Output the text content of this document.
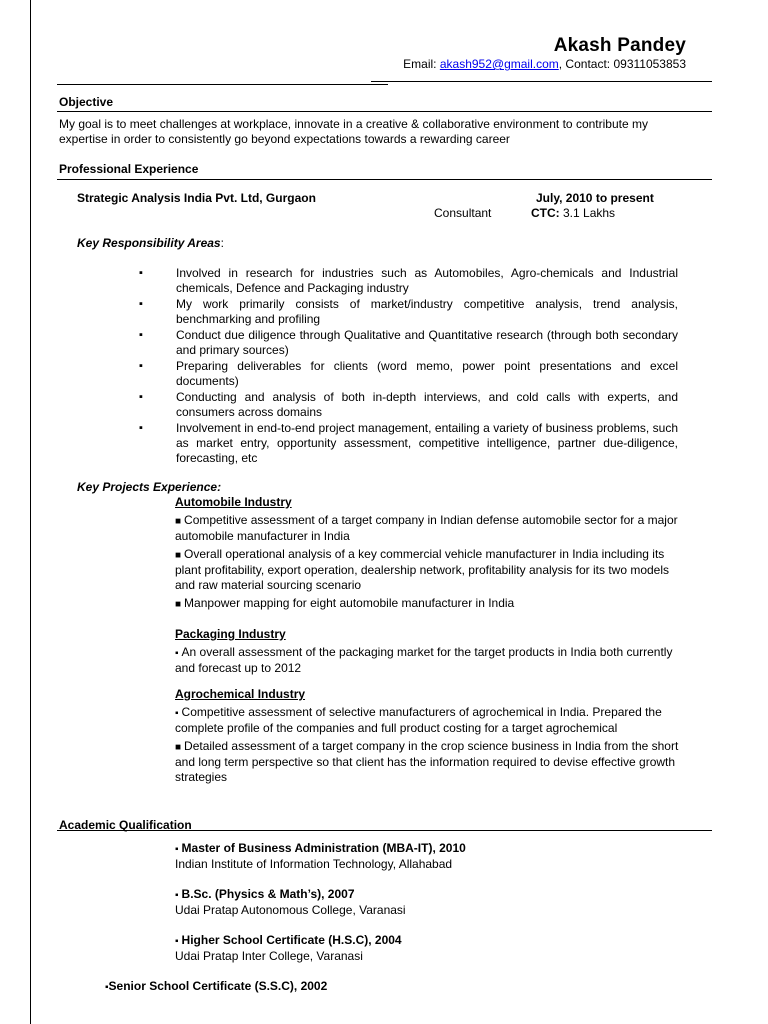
Akash Pandey
Email: akash952@gmail.com, Contact: 09311053853
Objective
My goal is to meet challenges at workplace, innovate in a creative & collaborative environment to contribute my expertise in order to consistently go beyond expectations towards a rewarding career
Professional Experience
Strategic Analysis India Pvt. Ltd, Gurgaon	July, 2010 to present
Consultant	CTC: 3.1 Lakhs
Key Responsibility Areas:
▪ Involved in research for industries such as Automobiles, Agro-chemicals and Industrial chemicals, Defence and Packaging industry
▪ My work primarily consists of market/industry competitive analysis, trend analysis, benchmarking and profiling
▪ Conduct due diligence through Qualitative and Quantitative research (through both secondary and primary sources)
▪ Preparing deliverables for clients (word memo, power point presentations and excel documents)
▪ Conducting and analysis of both in-depth interviews, and cold calls with experts, and consumers across domains
▪ Involvement in end-to-end project management, entailing a variety of business problems, such as market entry, opportunity assessment, competitive intelligence, partner due-diligence, forecasting, etc
Key Projects Experience:

Automobile Industry

■ Competitive assessment of a target company in Indian defense automobile sector for a major automobile manufacturer in India

■ Overall operational analysis of a key commercial vehicle manufacturer in India including its plant profitability, export operation, dealership network, profitability analysis for its two models and raw material sourcing scenario

■ Manpower mapping for eight automobile manufacturer in India

Packaging Industry

▪ An overall assessment of the packaging market for the target products in India both currently and forecast up to 2012

Agrochemical Industry

▪ Competitive assessment of selective manufacturers of agrochemical in India. Prepared the complete profile of the companies and full product costing for a target agrochemical

■ Detailed assessment of a target company in the crop science business in India from the short and long term perspective so that client has the information required to devise effective growth strategies

Academic Qualification
▪ Master of Business Administration (MBA-IT), 2010
Indian Institute of Information Technology, Allahabad
▪ B.Sc. (Physics & Math’s), 2007
Udai Pratap Autonomous College, Varanasi
▪ Higher School Certificate (H.S.C), 2004
Udai Pratap Inter College, Varanasi
▪Senior School Certificate (S.S.C), 2002
